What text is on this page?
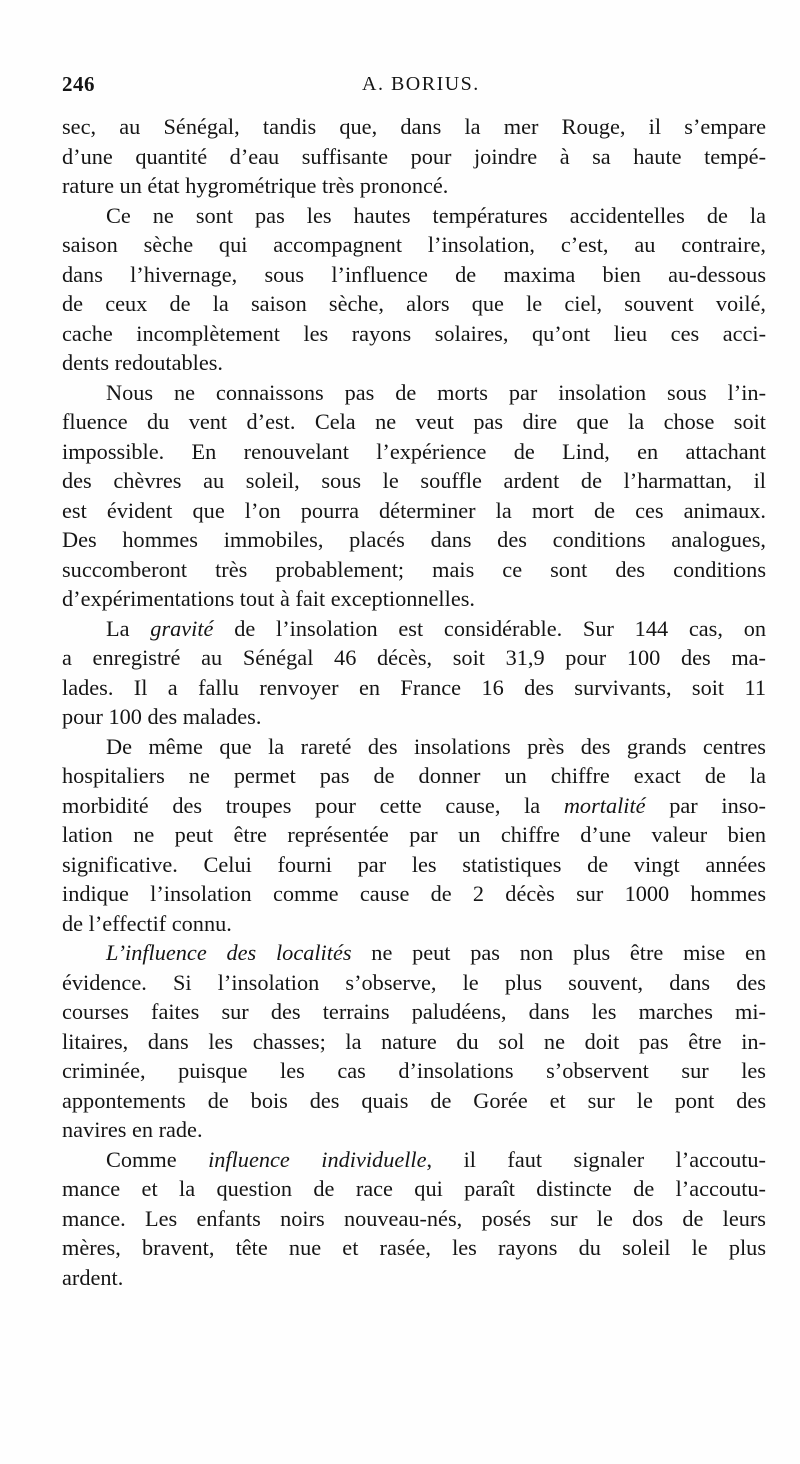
246	A. BORIUS.
sec, au Sénégal, tandis que, dans la mer Rouge, il s’empare
d’une quantité d’eau suffisante pour joindre à sa haute tempé-
rature un état hygrométrique très prononcé.
Ce ne sont pas les hautes températures accidentelles de la
saison sèche qui accompagnent l’insolation, c’est, au contraire,
dans l’hivernage, sous l’influence de maxima bien au-dessous
de ceux de la saison sèche, alors que le ciel, souvent voilé,
cache incomplètement les rayons solaires, qu’ont lieu ces acci-
dents redoutables.
Nous ne connaissons pas de morts par insolation sous l’in-
fluence du vent d’est. Cela ne veut pas dire que la chose soit
impossible. En renouvelant l’expérience de Lind, en attachant
des chèvres au soleil, sous le souffle ardent de l’harmattan, il
est évident que l’on pourra déterminer la mort de ces animaux.
Des hommes immobiles, placés dans des conditions analogues,
succomberont très probablement; mais ce sont des conditions
d’expérimentations tout à fait exceptionnelles.
La gravité de l’insolation est considérable. Sur 144 cas, on
a enregistré au Sénégal 46 décès, soit 31,9 pour 100 des ma-
lades. Il a fallu renvoyer en France 16 des survivants, soit 11
pour 100 des malades.
De même que la rareté des insolations près des grands centres
hospitaliers ne permet pas de donner un chiffre exact de la
morbidité des troupes pour cette cause, la mortalité par inso-
lation ne peut être représentée par un chiffre d’une valeur bien
significative. Celui fourni par les statistiques de vingt années
indique l’insolation comme cause de 2 décès sur 1000 hommes
de l’effectif connu.
L’influence des localités ne peut pas non plus être mise en
évidence. Si l’insolation s’observe, le plus souvent, dans des
courses faites sur des terrains paludéens, dans les marches mi-
litaires, dans les chasses; la nature du sol ne doit pas être in-
criminée, puisque les cas d’insolations s’observent sur les
appontements de bois des quais de Gorée et sur le pont des
navires en rade.
Comme influence individuelle, il faut signaler l’accoutu-
mance et la question de race qui paraît distincte de l’accoutu-
mance. Les enfants noirs nouveau-nés, posés sur le dos de leurs
mères, bravent, tête nue et rasée, les rayons du soleil le plus
ardent.
